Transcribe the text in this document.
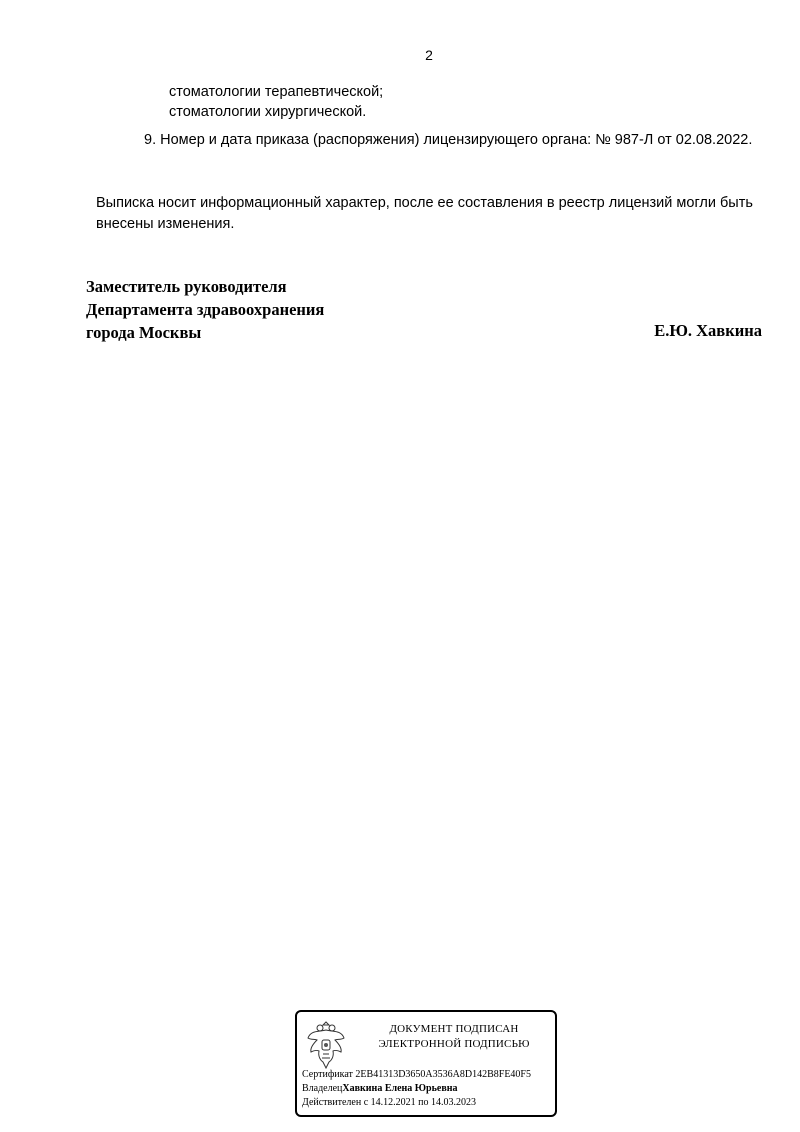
2
стоматологии терапевтической;
стоматологии хирургической.
9. Номер и дата приказа (распоряжения) лицензирующего органа: № 987-Л от 02.08.2022.
Выписка носит информационный характер, после ее составления в реестр лицензий могли быть внесены изменения.
Заместитель руководителя
Департамента здравоохранения
города Москвы	Е.Ю. Хавкина
ДОКУМЕНТ ПОДПИСАН
ЭЛЕКТРОННОЙ ПОДПИСЬЮ
Сертификат 2EB41313D3650A3536A8D142B8FE40F5
ВладелецХавкина Елена Юрьевна
Действителен с 14.12.2021 по 14.03.2023
